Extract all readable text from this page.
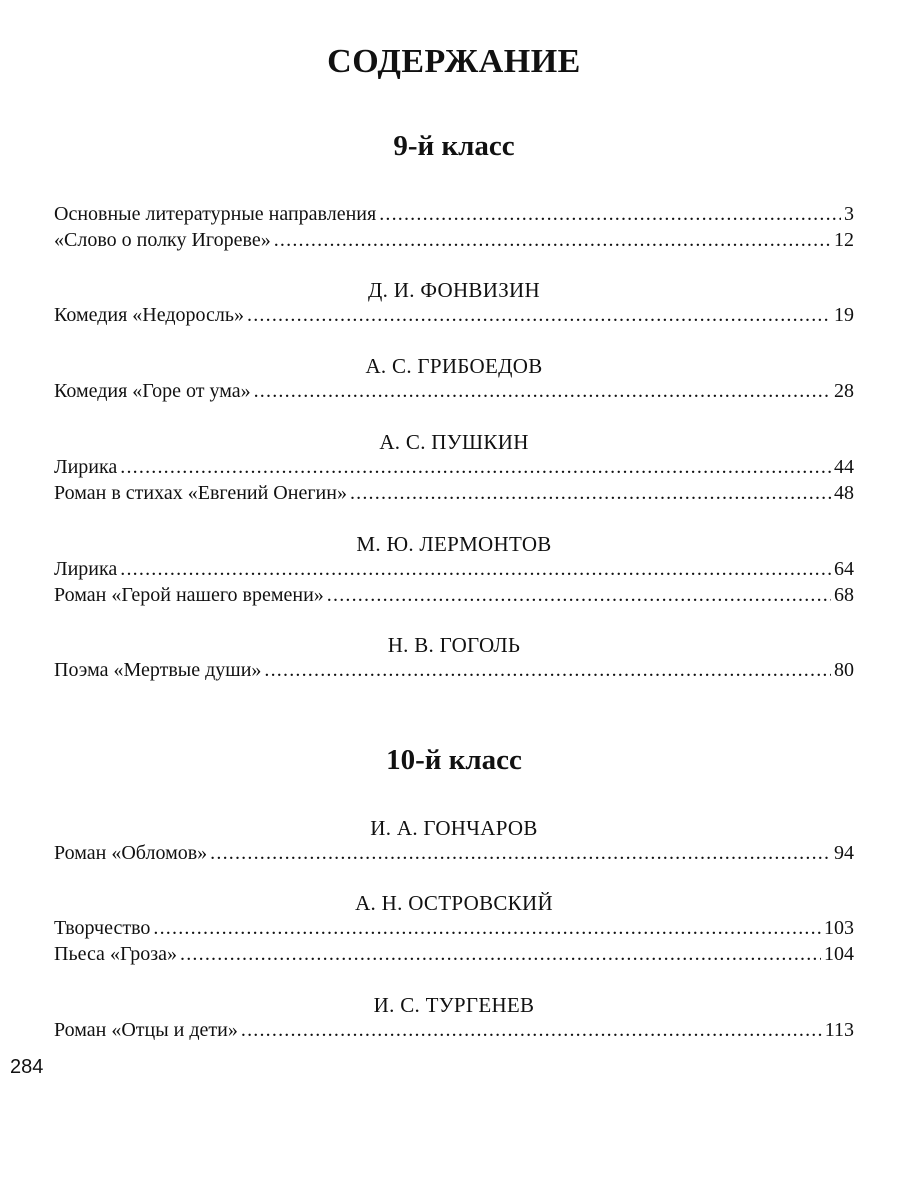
СОДЕРЖАНИЕ
9-й класс
Основные литературные направления .....	3
«Слово о полку Игореве» .....	12
Д. И. ФОНВИЗИН
Комедия «Недоросль» .....	19
А. С. ГРИБОЕДОВ
Комедия «Горе от ума» .....	28
А. С. ПУШКИН
Лирика .....	44
Роман в стихах «Евгений Онегин» .....	48
М. Ю. ЛЕРМОНТОВ
Лирика .....	64
Роман «Герой нашего времени» .....	68
Н. В. ГОГОЛЬ
Поэма «Мертвые души» .....	80
10-й класс
И. А. ГОНЧАРОВ
Роман «Обломов» .....	94
А. Н. ОСТРОВСКИЙ
Творчество .....	103
Пьеса «Гроза» .....	104
И. С. ТУРГЕНЕВ
Роман «Отцы и дети» .....	113
284
